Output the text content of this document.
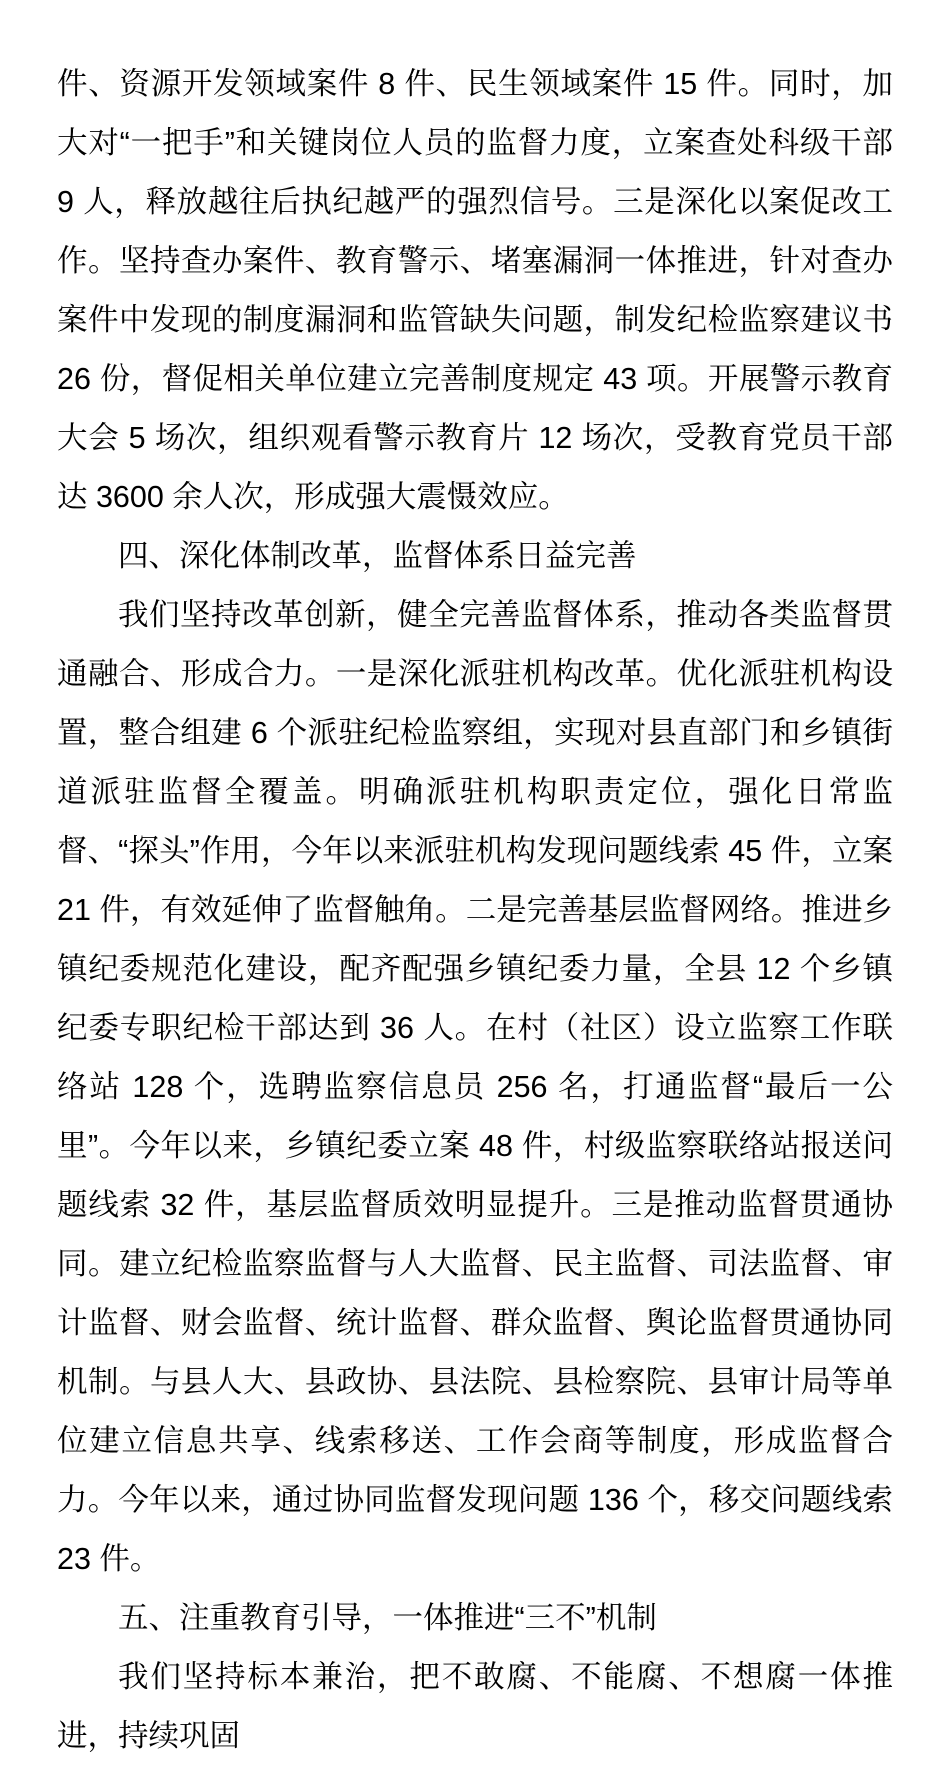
件、资源开发领域案件 8 件、民生领域案件 15 件。同时，加大对“一把手”和关键岗位人员的监督力度，立案查处科级干部 9 人，释放越往后执纪越严的强烈信号。三是深化以案促改工作。坚持查办案件、教育警示、堵塞漏洞一体推进，针对查办案件中发现的制度漏洞和监管缺失问题，制发纪检监察建议书 26 份，督促相关单位建立完善制度规定 43 项。开展警示教育大会 5 场次，组织观看警示教育片 12 场次，受教育党员干部达 3600 余人次，形成强大震慑效应。

四、深化体制改革，监督体系日益完善

我们坚持改革创新，健全完善监督体系，推动各类监督贯通融合、形成合力。一是深化派驻机构改革。优化派驻机构设置，整合组建 6 个派驻纪检监察组，实现对县直部门和乡镇街道派驻监督全覆盖。明确派驻机构职责定位，强化日常监督、“探头”作用，今年以来派驻机构发现问题线索 45 件，立案 21 件，有效延伸了监督触角。二是完善基层监督网络。推进乡镇纪委规范化建设，配齐配强乡镇纪委力量，全县 12 个乡镇纪委专职纪检干部达到 36 人。在村（社区）设立监察工作联络站 128 个，选聘监察信息员 256 名，打通监督“最后一公里”。今年以来，乡镇纪委立案 48 件，村级监察联络站报送问题线索 32 件，基层监督质效明显提升。三是推动监督贯通协同。建立纪检监察监督与人大监督、民主监督、司法监督、审计监督、财会监督、统计监督、群众监督、舆论监督贯通协同机制。与县人大、县政协、县法院、县检察院、县审计局等单位建立信息共享、线索移送、工作会商等制度，形成监督合力。今年以来，通过协同监督发现问题 136 个，移交问题线索 23 件。

五、注重教育引导，一体推进“三不”机制

我们坚持标本兼治，把不敢腐、不能腐、不想腐一体推进，持续巩固
